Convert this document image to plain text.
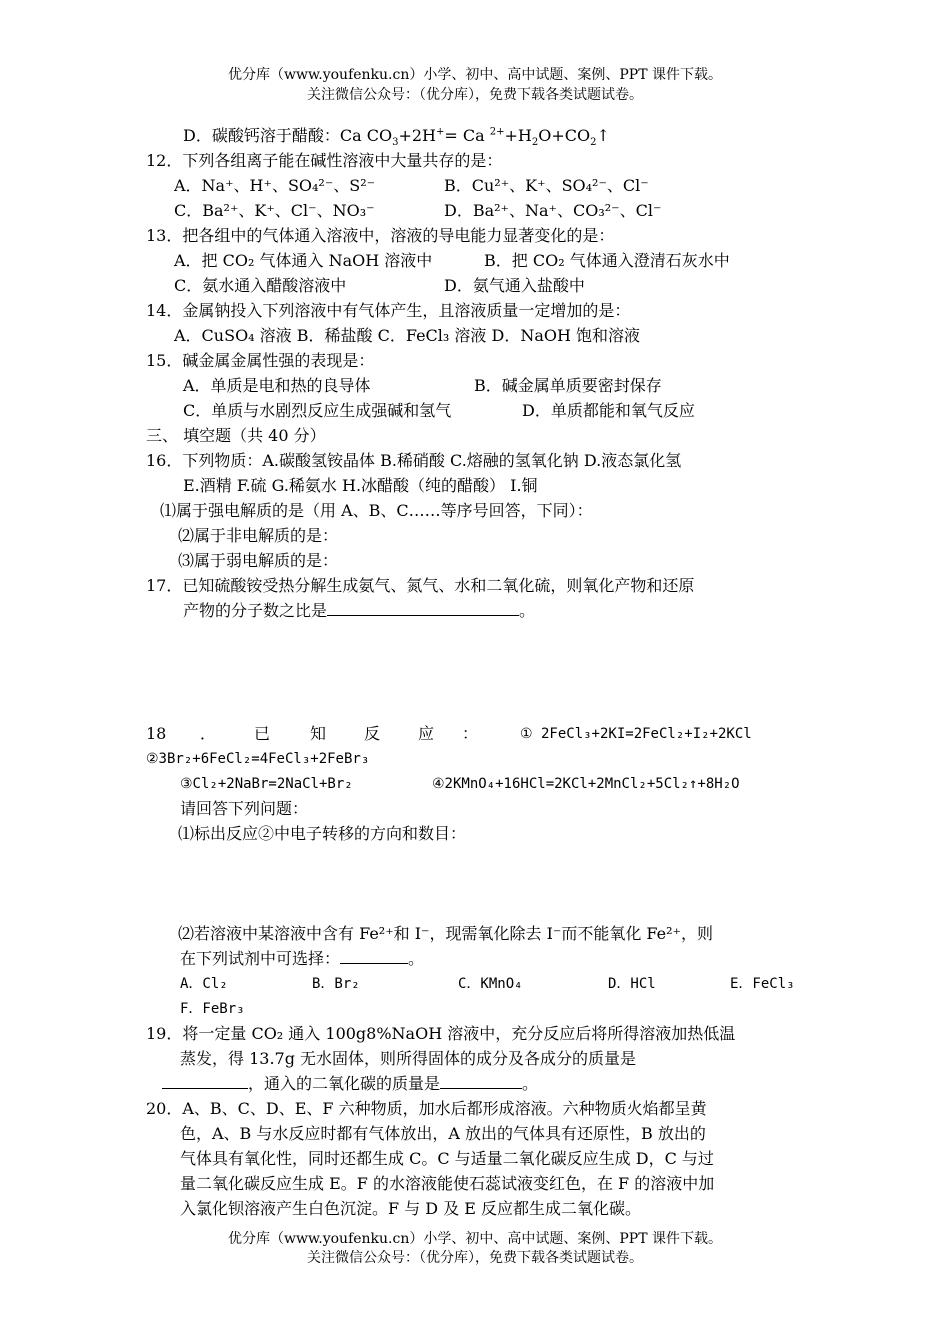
优分库（www.youfenku.cn）小学、初中、高中试题、案例、PPT 课件下载。
关注微信公众号：（优分库），免费下载各类试题试卷。
D．碳酸钙溶于醋酸：Ca $CO_3+2H^+= Ca$ $^{2+}+H_2O+CO_2↑$
12．下列各组离子能在碱性溶液中大量共存的是：
A．Na⁺、H⁺、SO₄²⁻、S²⁻	B．Cu²⁺、K⁺、SO₄²⁻、Cl⁻
C．Ba²⁺、K⁺、Cl⁻、NO₃⁻	D．Ba²⁺、Na⁺、CO₃²⁻、Cl⁻
13．把各组中的气体通入溶液中，溶液的导电能力显著变化的是：
A．把 CO₂ 气体通入 NaOH 溶液中	B．把 CO₂ 气体通入澄清石灰水中
C．氨水通入醋酸溶液中	D．氨气通入盐酸中
14．金属钠投入下列溶液中有气体产生，且溶液质量一定增加的是：
A．CuSO₄ 溶液 B．稀盐酸 C．FeCl₃ 溶液 D．NaOH 饱和溶液
15．碱金属金属性强的表现是：
A．单质是电和热的良导体	B．碱金属单质要密封保存
C．单质与水剧烈反应生成强碱和氢气	D．单质都能和氧气反应
三、 填空题（共 40 分）
16．下列物质：A.碳酸氢铵晶体 B.稀硝酸 C.熔融的氢氧化钠 D.液态氯化氢
E.酒精 F.硫 G.稀氨水 H.冰醋酸（纯的醋酸） I.铜
⑴属于强电解质的是（用 A、B、C……等序号回答，下同）：
⑵属于非电解质的是：
⑶属于弱电解质的是：
17．已知硫酸铵受热分解生成氨气、氮气、水和二氧化硫，则氧化产物和还原
产物的分子数之比是	。
18 ． 已 知 反 应 ：	① 2FeCl₃+2KI=2FeCl₂+I₂+2KCl
②3Br₂+6FeCl₂=4FeCl₃+2FeBr₃
③Cl₂+2NaBr=2NaCl+Br₂	④2KMnO₄+16HCl=2KCl+2MnCl₂+5Cl₂↑+8H₂O
请回答下列问题：
⑴标出反应②中电子转移的方向和数目：
⑵若溶液中某溶液中含有 Fe²⁺和 I⁻，现需氧化除去 I⁻而不能氧化 Fe²⁺，则
在下列试剂中可选择：	。
A．Cl₂	B．Br₂	C．KMnO₄	D．HCl	E．FeCl₃
F．FeBr₃
19．将一定量 CO₂ 通入 100g8%NaOH 溶液中，充分反应后将所得溶液加热低温
蒸发，得 13.7g 无水固体，则所得固体的成分及各成分的质量是
，通入的二氧化碳的质量是	。
20．A、B、C、D、E、F 六种物质，加水后都形成溶液。六种物质火焰都呈黄
色，A、B 与水反应时都有气体放出，A 放出的气体具有还原性，B 放出的
气体具有氧化性，同时还都生成 C。C 与适量二氧化碳反应生成 D，C 与过
量二氧化碳反应生成 E。F 的水溶液能使石蕊试液变红色，在 F 的溶液中加
入氯化钡溶液产生白色沉淀。F 与 D 及 E 反应都生成二氧化碳。
优分库（www.youfenku.cn）小学、初中、高中试题、案例、PPT 课件下载。
关注微信公众号：（优分库），免费下载各类试题试卷。
